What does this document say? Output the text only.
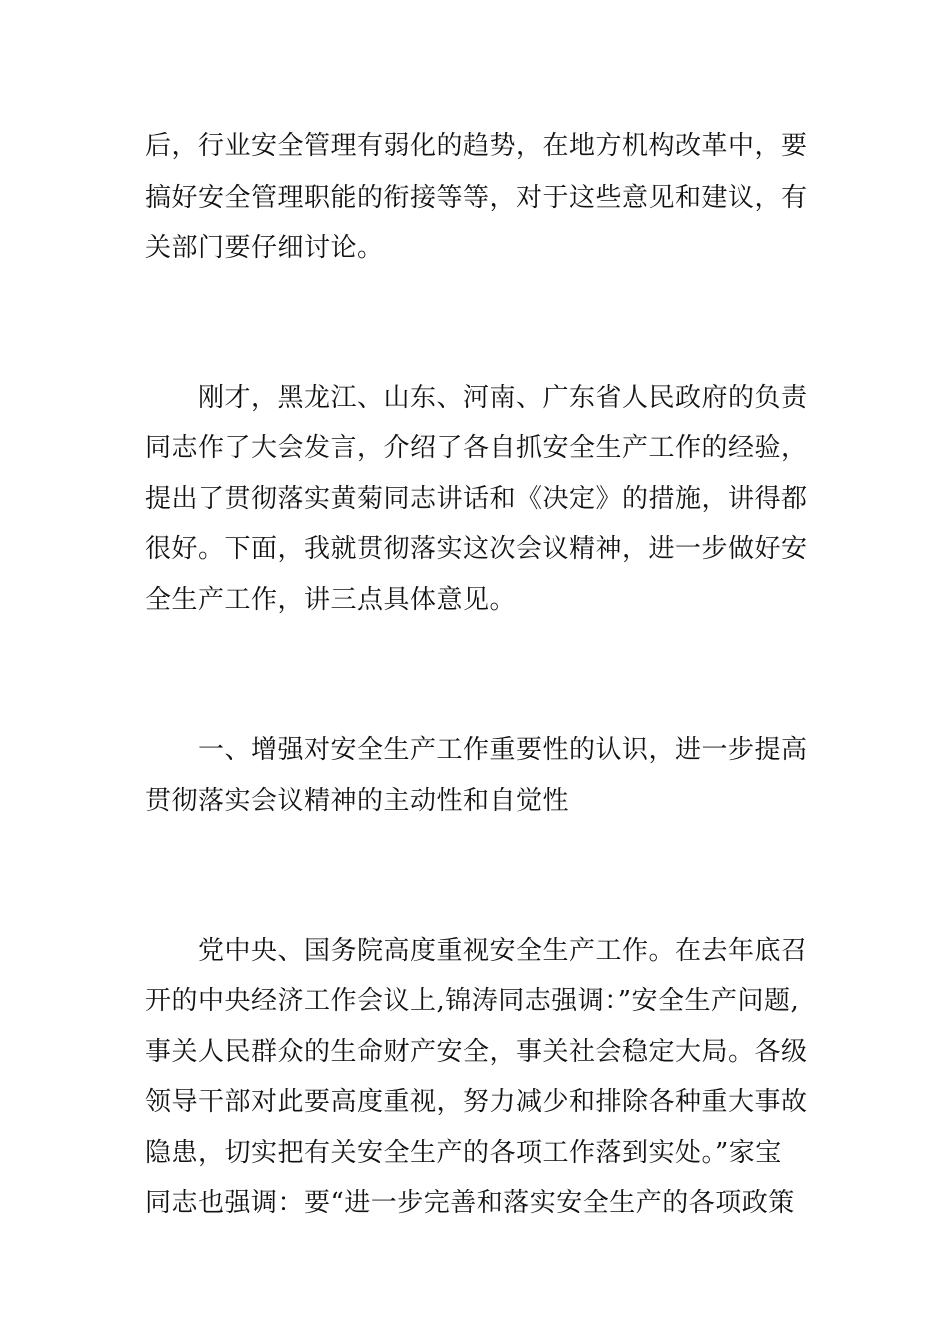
后，行业安全管理有弱化的趋势，在地方机构改革中，要
搞好安全管理职能的衔接等等，对于这些意见和建议，有
关部门要仔细讨论。
　　刚才，黑龙江、山东、河南、广东省人民政府的负责
同志作了大会发言，介绍了各自抓安全生产工作的经验，
提出了贯彻落实黄菊同志讲话和《决定》的措施，讲得都
很好。下面，我就贯彻落实这次会议精神，进一步做好安
全生产工作，讲三点具体意见。
　　一、增强对安全生产工作重要性的认识，进一步提高
贯彻落实会议精神的主动性和自觉性
　　党中央、国务院高度重视安全生产工作。在去年底召
开的中央经济工作会议上,锦涛同志强调：”安全生产问题,
事关人民群众的生命财产安全，事关社会稳定大局。各级
领导干部对此要高度重视，努力减少和排除各种重大事故
隐患，切实把有关安全生产的各项工作落到实处。”家宝
同志也强调：要“进一步完善和落实安全生产的各项政策
